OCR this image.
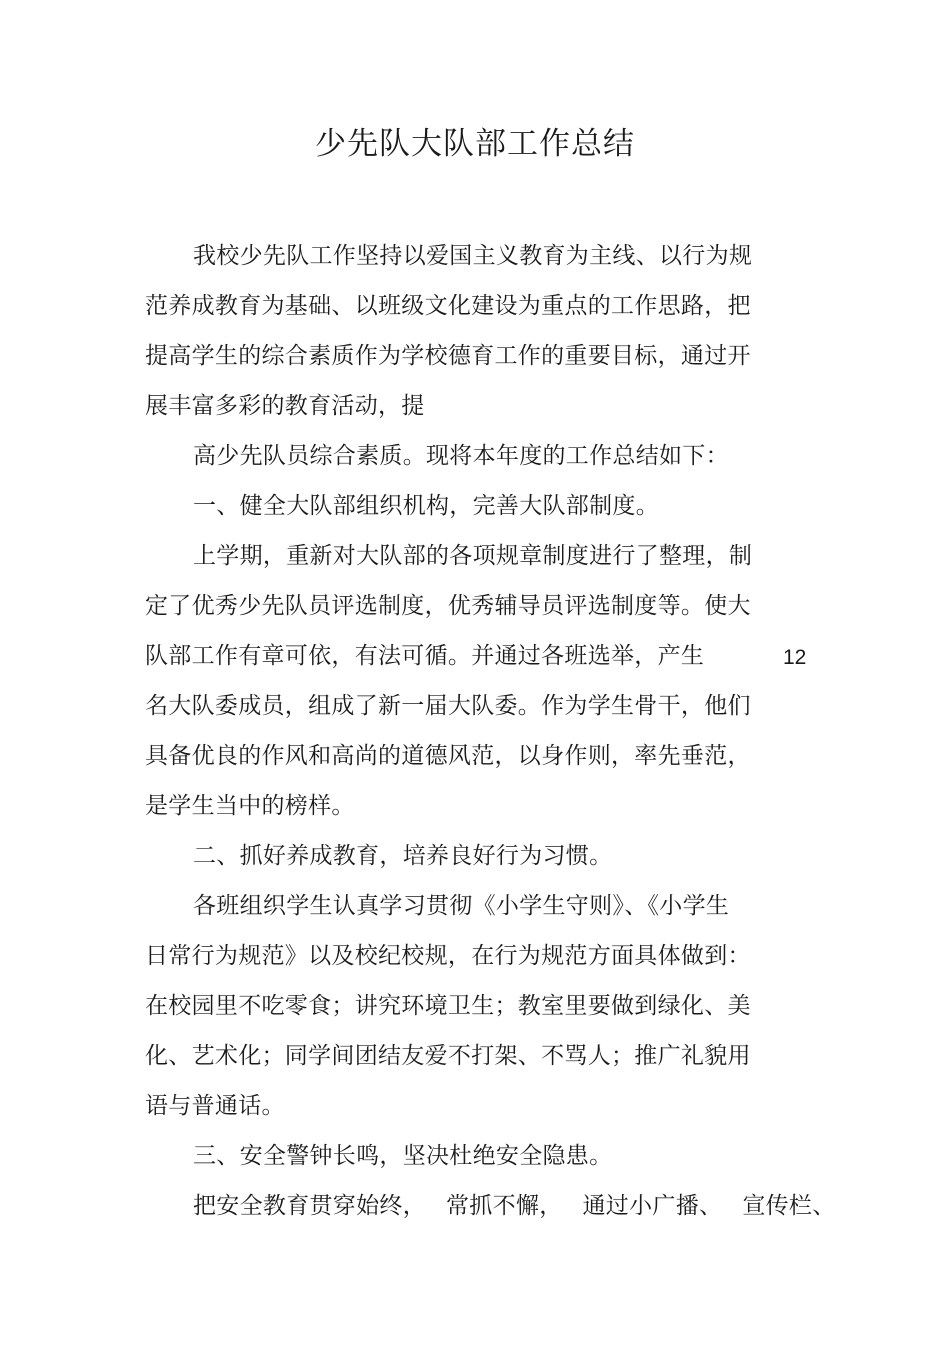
少先队大队部工作总结
我校少先队工作坚持以爱国主义教育为主线、以行为规
范养成教育为基础、以班级文化建设为重点的工作思路，把
提高学生的综合素质作为学校德育工作的重要目标，通过开
展丰富多彩的教育活动，提
高少先队员综合素质。现将本年度的工作总结如下：
一、健全大队部组织机构，完善大队部制度。
上学期，重新对大队部的各项规章制度进行了整理，制
定了优秀少先队员评选制度，优秀辅导员评选制度等。使大
队部工作有章可依，有法可循。并通过各班选举，产生	12
名大队委成员，组成了新一届大队委。作为学生骨干，他们
具备优良的作风和高尚的道德风范，以身作则，率先垂范，
是学生当中的榜样。
二、抓好养成教育，培养良好行为习惯。
各班组织学生认真学习贯彻《小学生守则》、《小学生
日常行为规范》以及校纪校规，在行为规范方面具体做到：
在校园里不吃零食；讲究环境卫生；教室里要做到绿化、美
化、艺术化；同学间团结友爱不打架、不骂人；推广礼貌用
语与普通话。
三、安全警钟长鸣，坚决杜绝安全隐患。
把安全教育贯穿始终， 常抓不懈， 通过小广播、 宣传栏、
